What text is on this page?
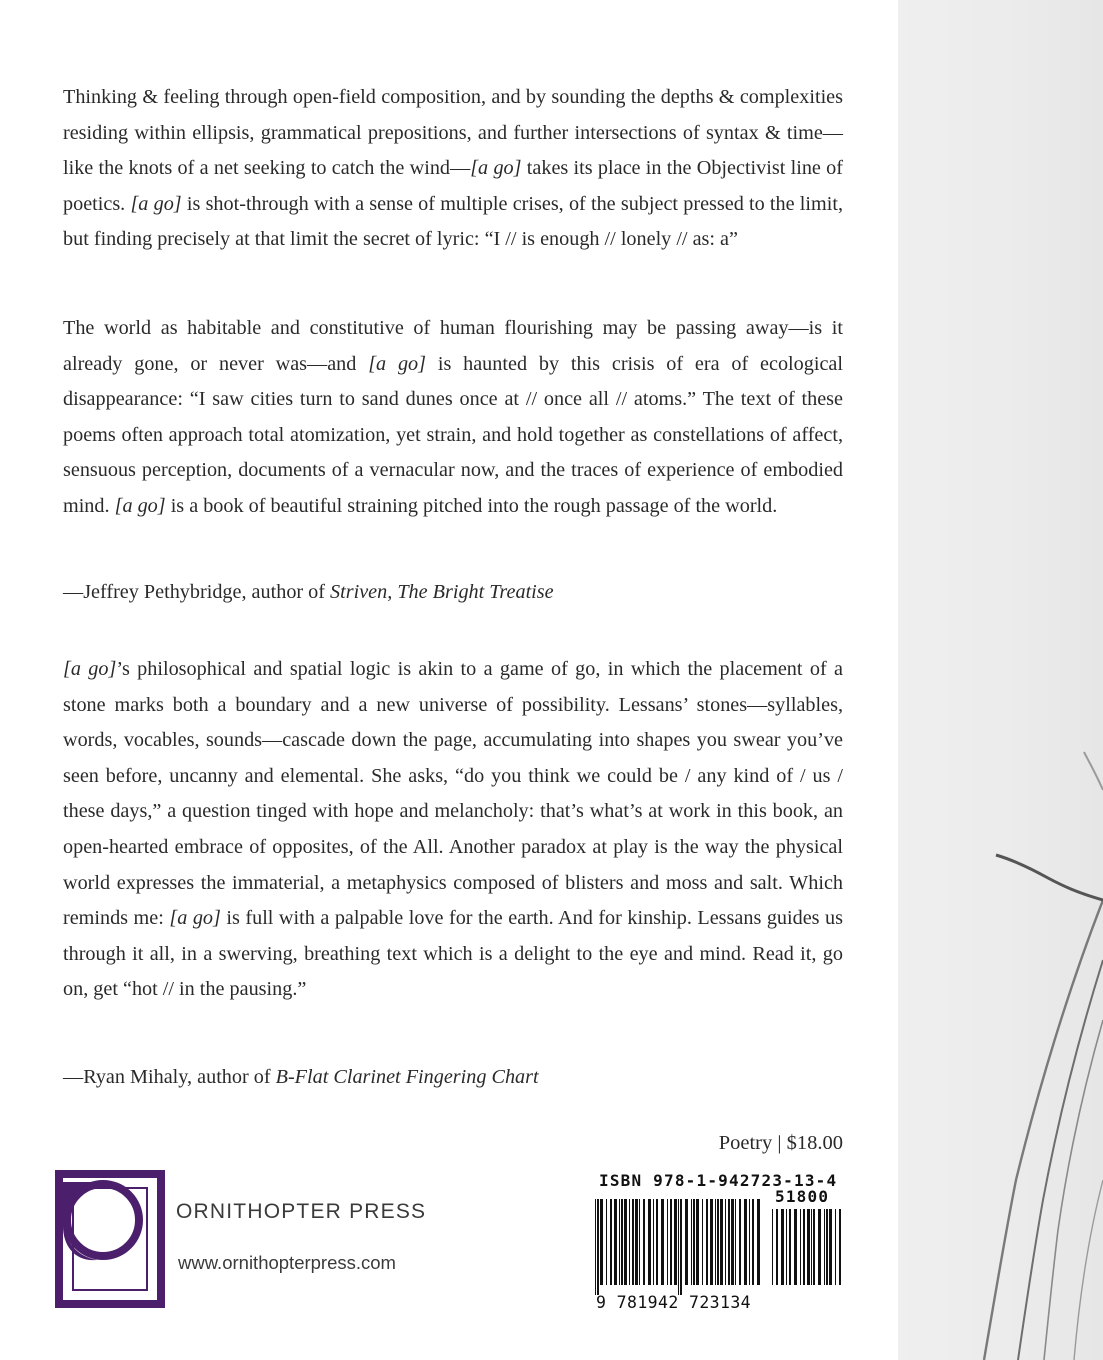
Thinking & feeling through open-field composition, and by sounding the depths & complexities residing within ellipsis, grammatical prepositions, and further intersections of syntax & time—like the knots of a net seeking to catch the wind—[a go] takes its place in the Objectivist line of poetics. [a go] is shot-through with a sense of multiple crises, of the subject pressed to the limit, but finding precisely at that limit the secret of lyric: “I // is enough // lonely // as: a”

The world as habitable and constitutive of human flourishing may be passing away—is it already gone, or never was—and [a go] is haunted by this crisis of era of ecological disappearance: “I saw cities turn to sand dunes once at // once all // atoms.” The text of these poems often approach total atomization, yet strain, and hold together as constellations of affect, sensuous perception, documents of a vernacular now, and the traces of experience of embodied mind. [a go] is a book of beautiful straining pitched into the rough passage of the world.

—Jeffrey Pethybridge, author of Striven, The Bright Treatise

[a go]’s philosophical and spatial logic is akin to a game of go, in which the placement of a stone marks both a boundary and a new universe of possibility. Lessans’ stones—syllables, words, vocables, sounds—cascade down the page, accumulating into shapes you swear you’ve seen before, uncanny and elemental. She asks, “do you think we could be / any kind of / us / these days,” a question tinged with hope and melancholy: that’s what’s at work in this book, an open-hearted embrace of opposites, of the All. Another paradox at play is the way the physical world expresses the immaterial, a metaphysics composed of blisters and moss and salt. Which reminds me: [a go] is full with a palpable love for the earth. And for kinship. Lessans guides us through it all, in a swerving, breathing text which is a delight to the eye and mind. Read it, go on, get “hot // in the pausing.”

—Ryan Mihaly, author of B-Flat Clarinet Fingering Chart

ORNITHOPTER PRESS
www.ornithopterpress.com
Poetry | $18.00
ISBN 978-1-942723-13-4
51800
9 781942 723134
